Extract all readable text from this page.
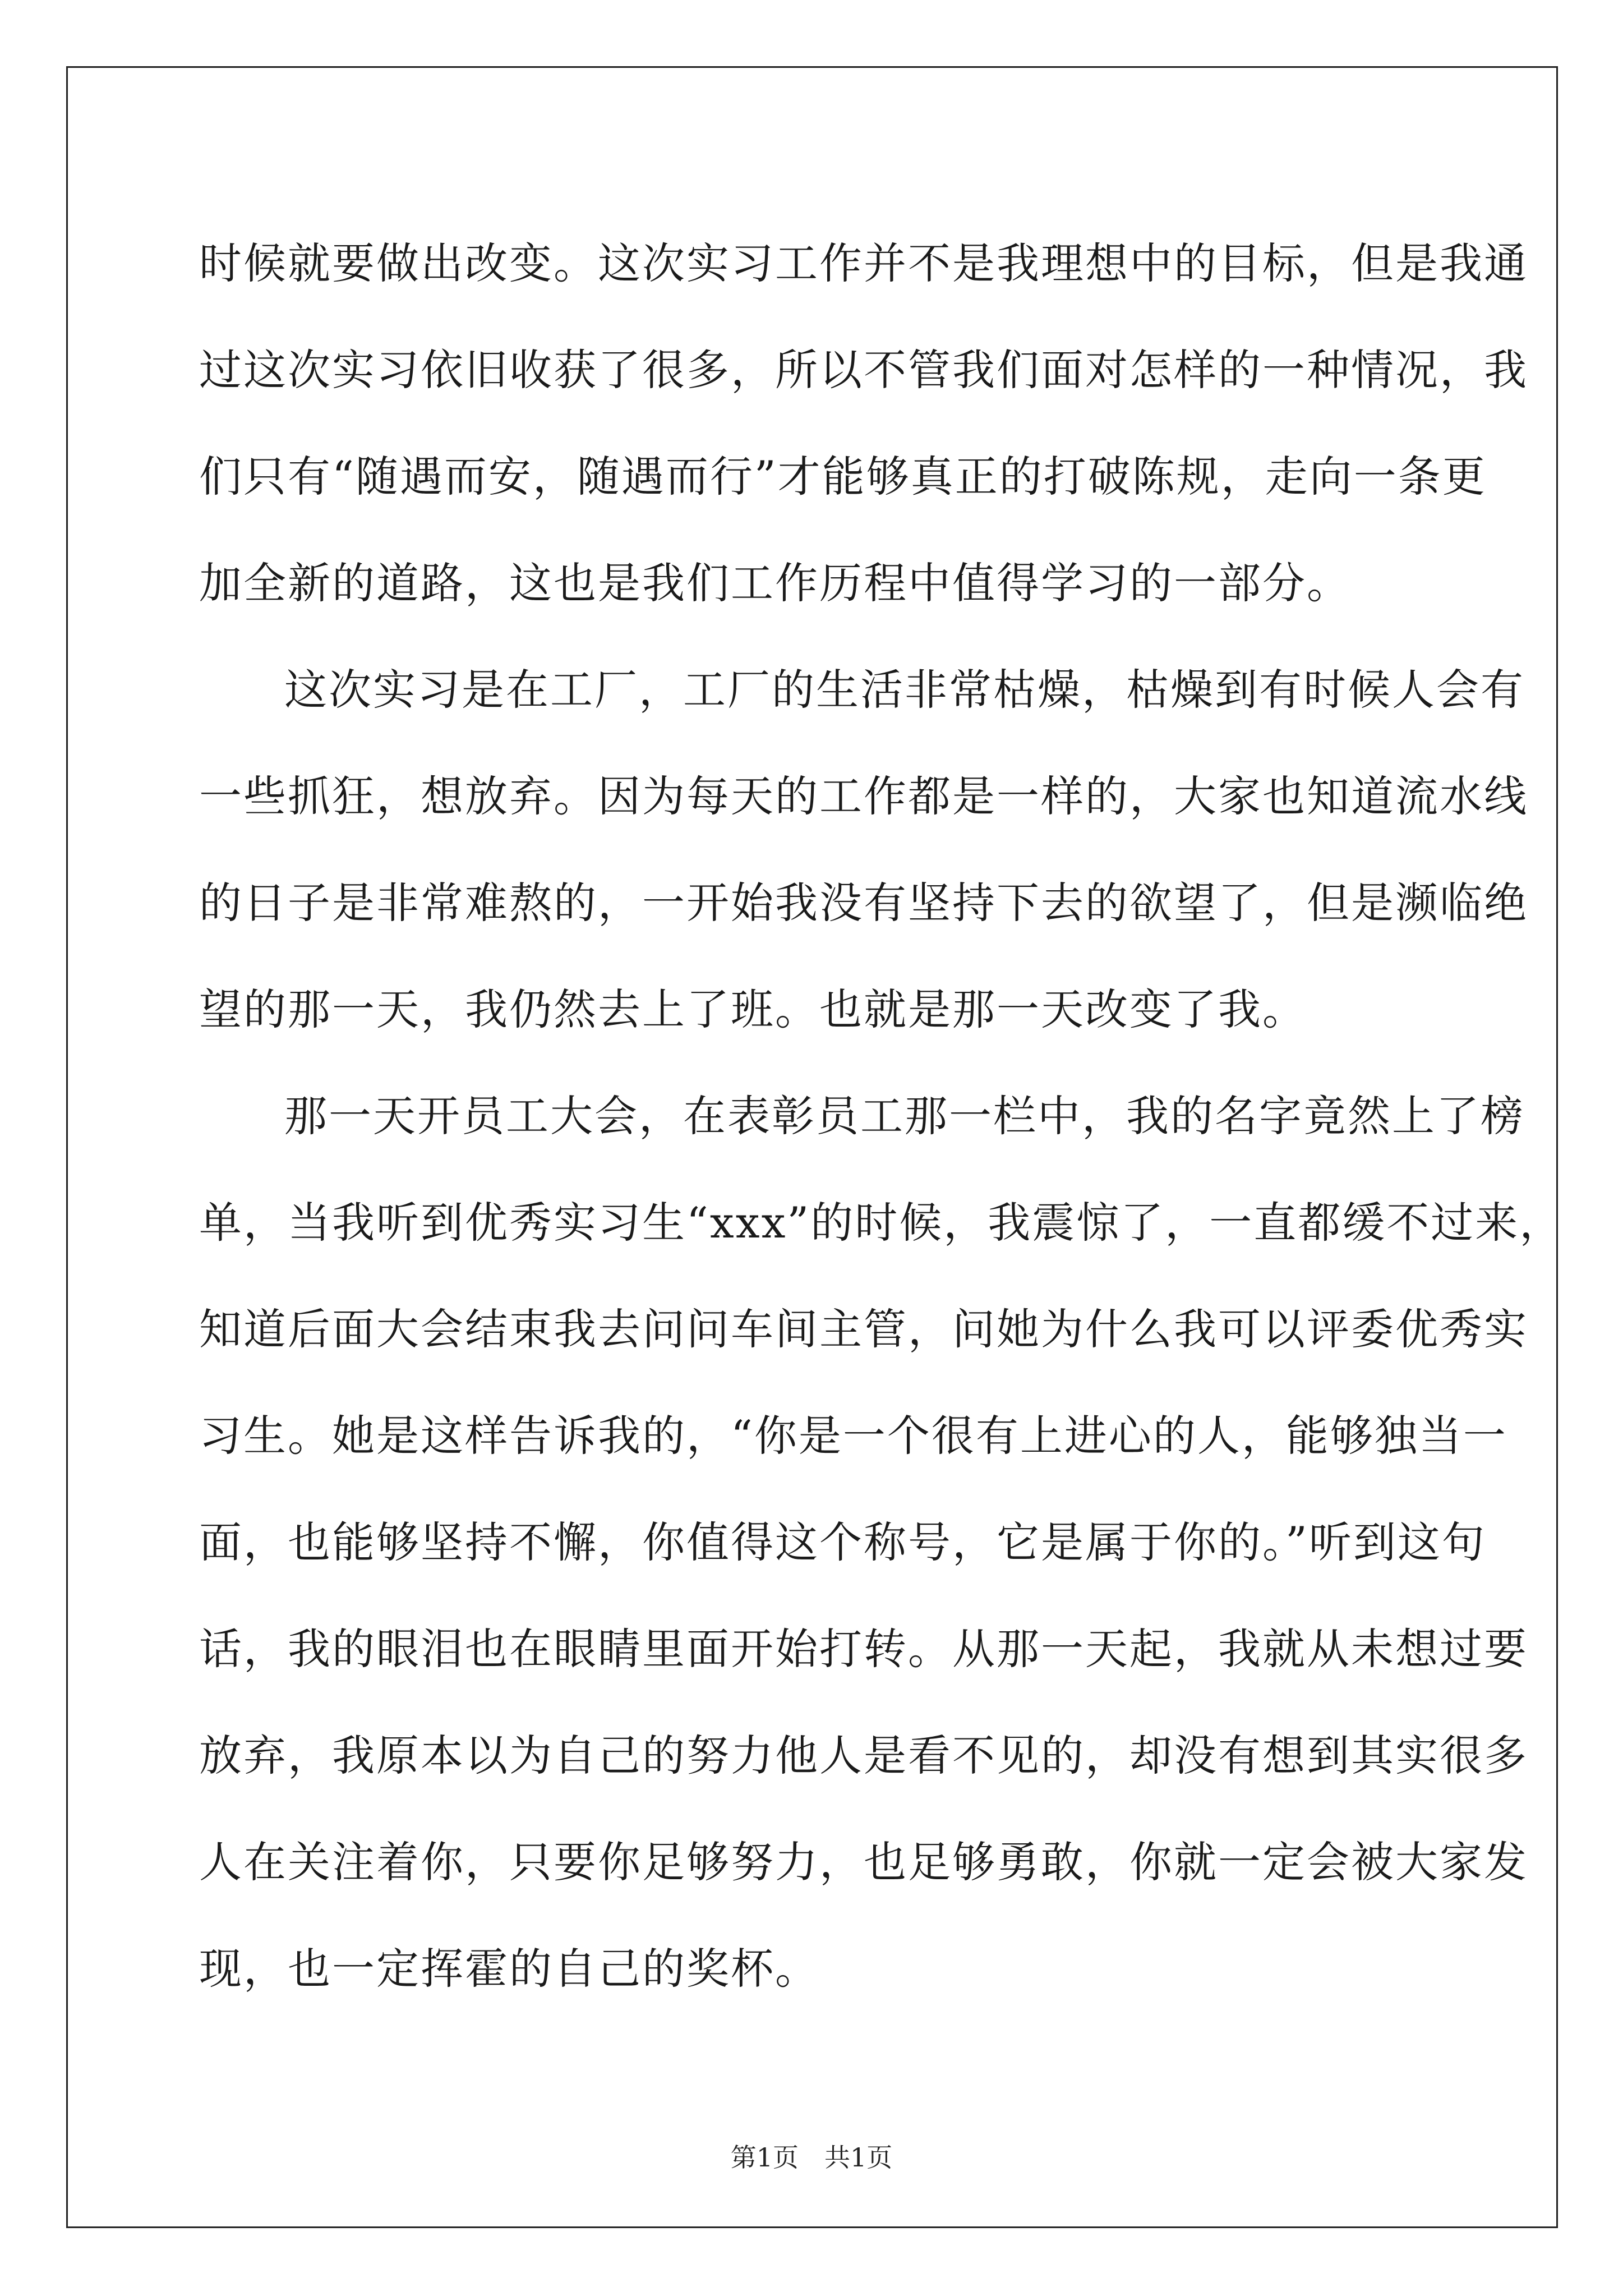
时候就要做出改变。这次实习工作并不是我理想中的目标，但是我通
过这次实习依旧收获了很多，所以不管我们面对怎样的一种情况，我
们只有“随遇而安，随遇而行”才能够真正的打破陈规，走向一条更
加全新的道路，这也是我们工作历程中值得学习的一部分。
这次实习是在工厂，工厂的生活非常枯燥，枯燥到有时候人会有
一些抓狂，想放弃。因为每天的工作都是一样的，大家也知道流水线
的日子是非常难熬的，一开始我没有坚持下去的欲望了，但是濒临绝
望的那一天，我仍然去上了班。也就是那一天改变了我。
那一天开员工大会，在表彰员工那一栏中，我的名字竟然上了榜
单，当我听到优秀实习生“xxx”的时候，我震惊了，一直都缓不过来，
知道后面大会结束我去问问车间主管，问她为什么我可以评委优秀实
习生。她是这样告诉我的，“你是一个很有上进心的人，能够独当一
面，也能够坚持不懈，你值得这个称号，它是属于你的。”听到这句
话，我的眼泪也在眼睛里面开始打转。从那一天起，我就从未想过要
放弃，我原本以为自己的努力他人是看不见的，却没有想到其实很多
人在关注着你，只要你足够努力，也足够勇敢，你就一定会被大家发
现，也一定挥霍的自己的奖杯。
第1页　共1页
